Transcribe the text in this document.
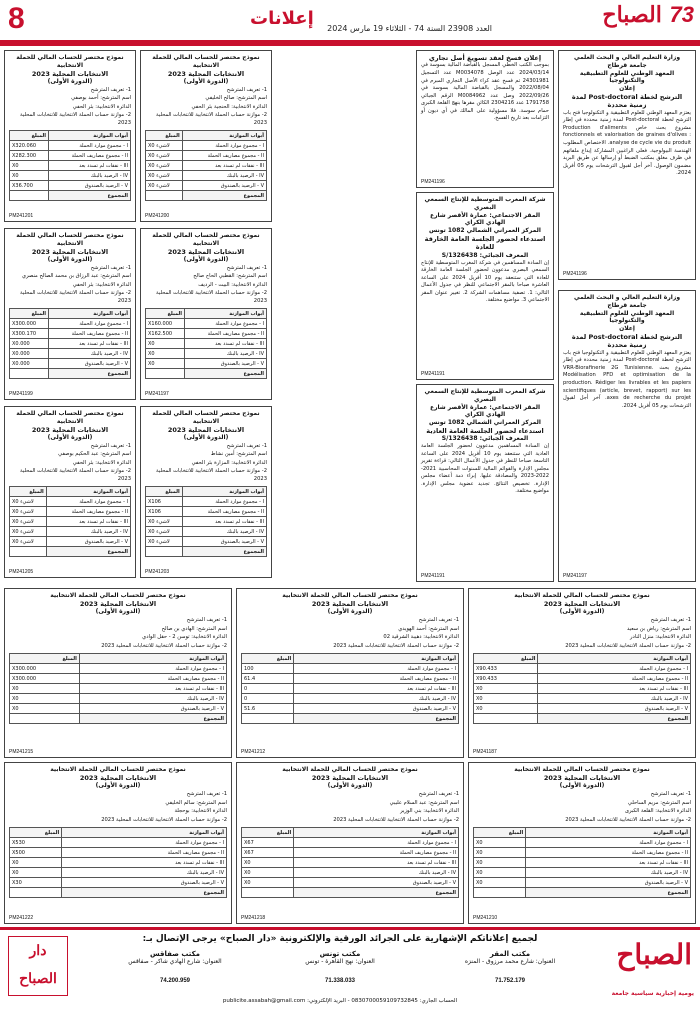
73 الصباح
العدد 23908 السنة 74 - الثلاثاء 19 مارس 2024
إعلانات
8
وزارة التعليم العالي و البحث العلمي
جامعة قرطاج
المعهد الوطني للعلوم التطبيقية والتكنولوجيا
إعلان
الترشح لخطة Post-doctoral لمدة زمنية محددة

يعتزم المعهد الوطني للعلوم التطبيقية و التكنولوجيا فتح باب الترشح لخطة Post-doctoral لمدة زمنية محددة في إطار مشروع بحث خاص Production d'aliments fonctionnels et valorisation de graines d'olives : analyse de cycle vie du produit. الاختصاص المطلوب الهندسة البيولوجية. فعلى الراغبين المشاركة إيداع ملفاتهم في ظرف مغلق بمكتب الضبط أو إرسالها عن طريق البريد مضمون الوصول. آخر أجل لقبول الترشحات يوم 05 أفريل 2024.

PM241196
وزارة التعليم العالي و البحث العلمي
جامعة قرطاج
المعهد الوطني للعلوم التطبيقية والتكنولوجيا
إعلان
الترشح لخطة Post-doctoral لمدة زمنية محددة

يعتزم المعهد الوطني للعلوم التطبيقية و التكنولوجيا فتح باب الترشح لخطة Post-doctoral لمدة زمنية محددة في إطار مشروع بحث VRR-Biorafinerie 2G Tunisienne. Modélisation PFD et optimisation de la production. Rédiger les livrables et les papiers scientifiques (article, brevet, rapport) sur les axes de recherche du projet. آخر أجل لقبول الترشحات يوم 05 أفريل 2024.

PM241197
إعلان فسخ لعقد تسويغ أصل تجاري

بموجب الكتب الخطي المسجل بالقباضة المالية بسوسة في 2024/03/14 عدد الوصل M0034078 عدد التسجيل 24301981 تم فسخ عقد كراء الأصل التجاري المبرم في 2022/08/04 والمسجل بالقباضة المالية بسوسة في 2022/09/26 وصل عدد M0084962 الرقم الجبائي 1791758 عدد 2304216 الكائن مقرها بنهج القلعة الكبرى حمام سوسة. فلا مسؤولية على المالك في أي ديون أو التزامات بعد تاريخ الفسخ.

PM241196
شركة المغرب المتوسطية للإنتاج السمعي البصري
المقر الاجتماعي: عمارة الأقصر شارع الهادي الكراي
المركز العمراني الشمالي 1082 تونس
استدعاء لحضور الجلسة العامة الخارقة للعادة
المعرف الجبائي: 1326438/S

إن السادة المساهمين في شركة المغرب المتوسطية للإنتاج السمعي البصري مدعوون لحضور الجلسة العامة الخارقة للعادة التي ستنعقد يوم 10 أفريل 2024 على الساعة العاشرة صباحا بالمقر الاجتماعي للنظر في جدول الأعمال التالي: 1. تصفية مساهمات الشركة 2. تغيير عنوان المقر الاجتماعي 3. مواضيع مختلفة.

PM241191
شركة المغرب المتوسطية للإنتاج السمعي البصري
المقر الاجتماعي: عمارة الأقصر شارع الهادي الكراي
المركز العمراني الشمالي 1082 تونس
استدعاء لحضور الجلسة العامة العادية
المعرف الجبائي: 1326438/S

إن السادة المساهمين مدعوون لحضور الجلسة العامة العادية التي ستنعقد يوم 10 أفريل 2024 على الساعة التاسعة صباحا للنظر في جدول الأعمال التالي: قراءة تقرير مجلس الإدارة والقوائم المالية للسنوات المحاسبية 2021-2022-2023 والمصادقة عليها. إبراء ذمة أعضاء مجلس الإدارة. تخصيص النتائج. تجديد عضوية مجلس الإدارة. مواضيع مختلفة.

PM241191
نموذج مختصر للحساب المالي للحملة الانتخابية
الانتخابات المحلية 2023
(الدورة الأولى)
1- تعريف المترشح
اسم المترشح: أحمد بوصفي
الدائرة الانتخابية: بئر الحفي
2- موازنة حساب الحملة الانتخابية للانتخابات المحلية 2023
أبواب الموازنة	المبلغ
I - مجموع موارد الحملة	X320.060
II - مجموع مصاريف الحملة	X282.300
III - نفقات لم تسدد بعد	X0
IV - الرصيد بالبنك	X0
V - الرصيد بالصندوق	X36.700
المجموع	
PM241201
نموذج مختصر للحساب المالي للحملة الانتخابية
الانتخابات المحلية 2023
(الدورة الأولى)
1- تعريف المترشح
اسم المترشح: صالح الخليفي
الدائرة الانتخابية: الحنجية بئر الحفي
2- موازنة حساب الحملة الانتخابية للانتخابات المحلية 2023
أبواب الموازنة	المبلغ
I - مجموع موارد الحملة	X0 لاشيء
II - مجموع مصاريف الحملة	X0 لاشيء
III - نفقات لم تسدد بعد	X0 لاشيء
IV - الرصيد بالبنك	X0 لاشيء
V - الرصيد بالصندوق	X0 لاشيء
المجموع	
PM241200
نموذج مختصر للحساب المالي للحملة الانتخابية
الانتخابات المحلية 2023
(الدورة الأولى)
1- تعريف المترشح
اسم المترشح: عبد الرزاق بن محمد الصالح منصري
الدائرة الانتخابية: بئر الحفي
2- موازنة حساب الحملة الانتخابية للانتخابات المحلية 2023
أبواب الموازنة	المبلغ
I - مجموع موارد الحملة	X300.000
II - مجموع مصاريف الحملة	X300.170
III - نفقات لم تسدد بعد	X0.000
IV - الرصيد بالبنك	X0.000
V - الرصيد بالصندوق	X0.000
المجموع	
PM241199
نموذج مختصر للحساب المالي للحملة الانتخابية
الانتخابات المحلية 2023
(الدورة الأولى)
1- تعريف المترشح
اسم المترشح: القطبي الحاج صالح
الدائرة الانتخابية: البيت - الرديف
2- موازنة حساب الحملة الانتخابية للانتخابات المحلية 2023
أبواب الموازنة	المبلغ
I - مجموع موارد الحملة	X160.000
II - مجموع مصاريف الحملة	X162.500
III - نفقات لم تسدد بعد	X0
IV - الرصيد بالبنك	X0
V - الرصيد بالصندوق	X0
المجموع	
PM241197
نموذج مختصر للحساب المالي للحملة الانتخابية
الانتخابات المحلية 2023
(الدورة الأولى)
1- تعريف المترشح
اسم المترشح: عبد الحكيم بوصفي
الدائرة الانتخابية: بئر الحفي
2- موازنة حساب الحملة الانتخابية للانتخابات المحلية 2023
أبواب الموازنة	المبلغ
I - مجموع موارد الحملة	X0 لاشيء
II - مجموع مصاريف الحملة	X0 لاشيء
III - نفقات لم تسدد بعد	X0 لاشيء
IV - الرصيد بالبنك	X0 لاشيء
V - الرصيد بالصندوق	X0 لاشيء
المجموع	
PM241205
نموذج مختصر للحساب المالي للحملة الانتخابية
الانتخابات المحلية 2023
(الدورة الأولى)
1- تعريف المترشح
اسم المترشح: أمين نشاط
الدائرة الانتخابية: المزارة بئر الحفي
2- موازنة حساب الحملة الانتخابية للانتخابات المحلية 2023
أبواب الموازنة	المبلغ
I - مجموع موارد الحملة	X106
II - مجموع مصاريف الحملة	X106
III - نفقات لم تسدد بعد	X0 لاشيء
IV - الرصيد بالبنك	X0 لاشيء
V - الرصيد بالصندوق	X0 لاشيء
المجموع	
PM241203
نموذج مختصر للحساب المالي للحملة الانتخابية
الانتخابات المحلية 2023
(الدورة الأولى)
1- تعريف المترشح
اسم المترشح: الهادي بن صالح
الدائرة الانتخابية: توسن 2 - حقل الوادي
2- موازنة حساب الحملة الانتخابية للانتخابات المحلية 2023
أبواب الموازنة	المبلغ
I - مجموع موارد الحملة	X300.000
II - مجموع مصاريف الحملة	X300.000
III - نفقات لم تسدد بعد	X0
IV - الرصيد بالبنك	X0
V - الرصيد بالصندوق	X0
المجموع	
PM241215
نموذج مختصر للحساب المالي للحملة الانتخابية
الانتخابات المحلية 2023
(الدورة الأولى)
1- تعريف المترشح
اسم المترشح: أحمد الهويدي
الدائرة الانتخابية: ذهيبة الشرقية 02
2- موازنة حساب الحملة الانتخابية للانتخابات المحلية 2023
أبواب الموازنة	المبلغ
I - مجموع موارد الحملة	100
II - مجموع مصاريف الحملة	61.4
III - نفقات لم تسدد بعد	0
IV - الرصيد بالبنك	0
V - الرصيد بالصندوق	51.6
المجموع	
PM241212
نموذج مختصر للحساب المالي للحملة الانتخابية
الانتخابات المحلية 2023
(الدورة الأولى)
1- تعريف المترشح
اسم المترشح: رياض بن سعيد
الدائرة الانتخابية: منزل النادر
2- موازنة حساب الحملة الانتخابية للانتخابات المحلية 2023
أبواب الموازنة	المبلغ
I - مجموع موارد الحملة	X90.433
II - مجموع مصاريف الحملة	X90.433
III - نفقات لم تسدد بعد	X0
IV - الرصيد بالبنك	X0
V - الرصيد بالصندوق	X0
المجموع	
PM241187
نموذج مختصر للحساب المالي للحملة الانتخابية
الانتخابات المحلية 2023
(الدورة الأولى)
1- تعريف المترشح
اسم المترشح: سالم الخليفي
الدائرة الانتخابية: بوحجلة
2- موازنة حساب الحملة الانتخابية للانتخابات المحلية 2023
أبواب الموازنة	المبلغ
I - مجموع موارد الحملة	X530
II - مجموع مصاريف الحملة	X500
III - نفقات لم تسدد بعد	X0
IV - الرصيد بالبنك	X0
V - الرصيد بالصندوق	X30
المجموع	
PM241222
نموذج مختصر للحساب المالي للحملة الانتخابية
الانتخابات المحلية 2023
(الدورة الأولى)
1- تعريف المترشح
اسم المترشح: عبد السلام عليبي
الدائرة الانتخابية: بني الوزير
2- موازنة حساب الحملة الانتخابية للانتخابات المحلية 2023
أبواب الموازنة	المبلغ
I - مجموع موارد الحملة	X67
II - مجموع مصاريف الحملة	X67
III - نفقات لم تسدد بعد	X0
IV - الرصيد بالبنك	X0
V - الرصيد بالصندوق	X0
المجموع	
PM241218
نموذج مختصر للحساب المالي للحملة الانتخابية
الانتخابات المحلية 2023
(الدورة الأولى)
1- تعريف المترشح
اسم المترشح: مريم الساحلي
الدائرة الانتخابية: القلعة الكبرى
2- موازنة حساب الحملة الانتخابية للانتخابات المحلية 2023
أبواب الموازنة	المبلغ
I - مجموع موارد الحملة	X0
II - مجموع مصاريف الحملة	X0
III - نفقات لم تسدد بعد	X0
IV - الرصيد بالبنك	X0
V - الرصيد بالصندوق	X0
المجموع	
PM241210
الصباح
يومية إخبارية سياسية جامعة
دار الصباح
لجميع إعلاناتكم الإشهارية على الجرائد الورقية والإلكترونية «دار الصباح» يرجى الإتصال بـ:
مكتب المقر
العنوان: شارع محمد مرزوق - المنزه
مكتب تونس
العنوان: نهج القاهرة - تونس
مكتب صفاقس
العنوان: شارع الهادي شاكر - صفاقس
71.752.179
71.338.033
74.200.959
الحساب الجاري: 0830700059109732845 - البريد الإلكتروني: publicite.assabah@gmail.com
